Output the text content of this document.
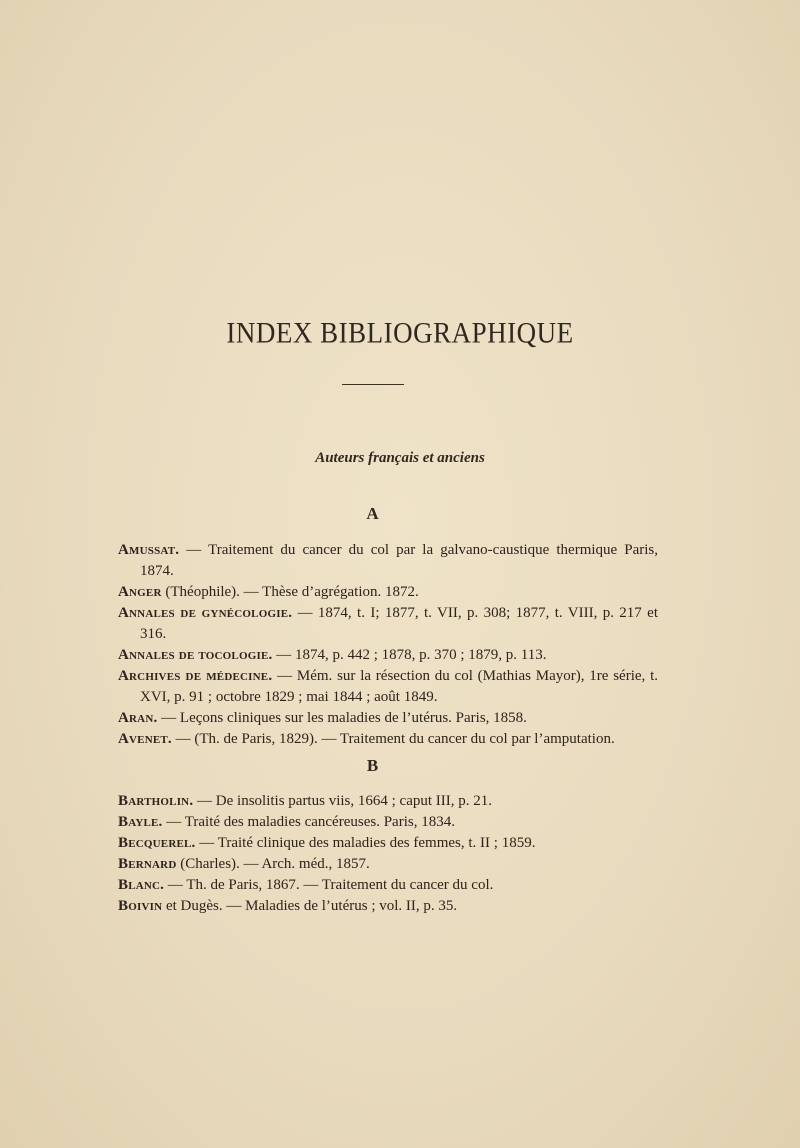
INDEX BIBLIOGRAPHIQUE
Auteurs français et anciens
A

Amussat. — Traitement du cancer du col par la galvano-caustique thermique Paris, 1874.

Anger (Théophile). — Thèse d’agrégation. 1872.

Annales de gynécologie. — 1874, t. I; 1877, t. VII, p. 308; 1877, t. VIII, p. 217 et 316.

Annales de tocologie. — 1874, p. 442 ; 1878, p. 370 ; 1879, p. 113.

Archives de médecine. — Mém. sur la résection du col (Mathias Mayor), 1re série, t. XVI, p. 91 ; octobre 1829 ; mai 1844 ; août 1849.

Aran. — Leçons cliniques sur les maladies de l’utérus. Paris, 1858.

Avenet. — (Th. de Paris, 1829). — Traitement du cancer du col par l’amputation.

B

Bartholin. — De insolitis partus viis, 1664 ; caput III, p. 21.

Bayle. — Traité des maladies cancéreuses. Paris, 1834.

Becquerel. — Traité clinique des maladies des femmes, t. II ; 1859.

Bernard (Charles). — Arch. méd., 1857.

Blanc. — Th. de Paris, 1867. — Traitement du cancer du col.

Boivin et Dugès. — Maladies de l’utérus ; vol. II, p. 35.
